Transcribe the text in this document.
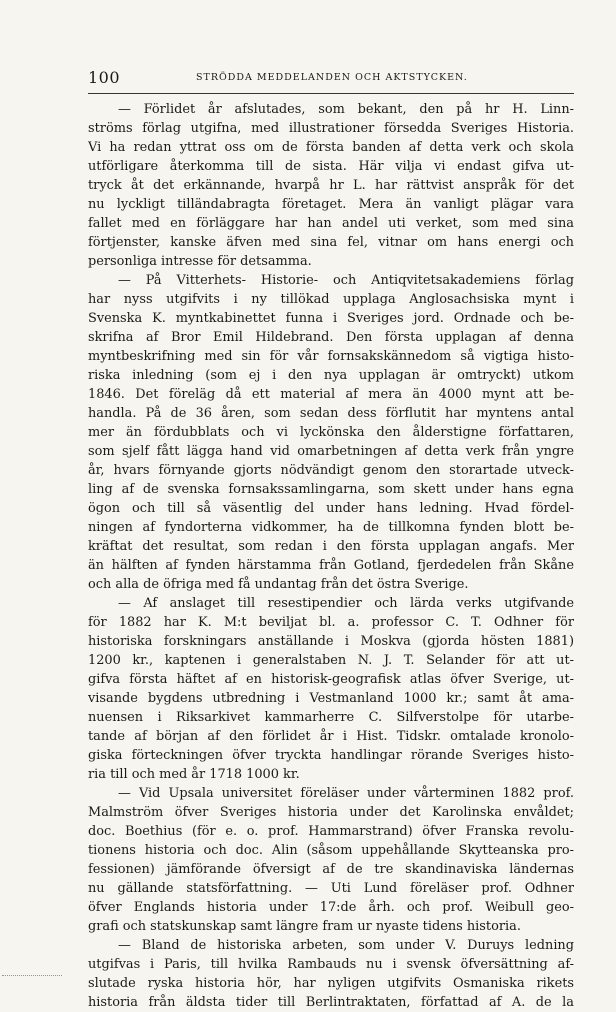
100	STRÖDDA MEDDELANDEN OCH AKTSTYCKEN.
— Förlidet år afslutades, som bekant, den på hr H. Linn-
ströms förlag utgifna, med illustrationer försedda Sveriges Historia.
Vi ha redan yttrat oss om de första banden af detta verk och skola
utförligare återkomma till de sista. Här vilja vi endast gifva ut-
tryck åt det erkännande, hvarpå hr L. har rättvist anspråk för det
nu lyckligt tilländabragta företaget. Mera än vanligt plägar vara
fallet med en förläggare har han andel uti verket, som med sina
förtjenster, kanske äfven med sina fel, vitnar om hans energi och
personliga intresse för detsamma.
— På Vitterhets- Historie- och Antiqvitetsakademiens förlag
har nyss utgifvits i ny tillökad upplaga Anglosachsiska mynt i
Svenska K. myntkabinettet funna i Sveriges jord. Ordnade och be-
skrifna af Bror Emil Hildebrand. Den första upplagan af denna
myntbeskrifning med sin för vår fornsakskännedom så vigtiga histo-
riska inledning (som ej i den nya upplagan är omtryckt) utkom
1846. Det föreläg då ett material af mera än 4000 mynt att be-
handla. På de 36 åren, som sedan dess förflutit har myntens antal
mer än fördubblats och vi lyckönska den ålderstigne författaren,
som sjelf fått lägga hand vid omarbetningen af detta verk från yngre
år, hvars förnyande gjorts nödvändigt genom den storartade utveck-
ling af de svenska fornsakssamlingarna, som skett under hans egna
ögon och till så väsentlig del under hans ledning. Hvad fördel-
ningen af fyndorterna vidkommer, ha de tillkomna fynden blott be-
kräftat det resultat, som redan i den första upplagan angafs. Mer
än hälften af fynden härstamma från Gotland, fjerdedelen från Skåne
och alla de öfriga med få undantag från det östra Sverige.
— Af anslaget till resestipendier och lärda verks utgifvande
för 1882 har K. M:t beviljat bl. a. professor C. T. Odhner för
historiska forskningars anställande i Moskva (gjorda hösten 1881)
1200 kr., kaptenen i generalstaben N. J. T. Selander för att ut-
gifva första häftet af en historisk-geografisk atlas öfver Sverige, ut-
visande bygdens utbredning i Vestmanland 1000 kr.; samt åt ama-
nuensen i Riksarkivet kammarherre C. Silfverstolpe för utarbe-
tande af början af den förlidet år i Hist. Tidskr. omtalade kronolo-
giska förteckningen öfver tryckta handlingar rörande Sveriges histo-
ria till och med år 1718 1000 kr.
— Vid Upsala universitet föreläser under vårterminen 1882 prof.
Malmström öfver Sveriges historia under det Karolinska envåldet;
doc. Boethius (för e. o. prof. Hammarstrand) öfver Franska revolu-
tionens historia och doc. Alin (såsom uppehållande Skytteanska pro-
fessionen) jämförande öfversigt af de tre skandinaviska ländernas
nu gällande statsförfattning. — Uti Lund föreläser prof. Odhner
öfver Englands historia under 17:de årh. och prof. Weibull geo-
grafi och statskunskap samt längre fram ur nyaste tidens historia.
— Bland de historiska arbeten, som under V. Duruys ledning
utgifvas i Paris, till hvilka Rambauds nu i svensk öfversättning af-
slutade ryska historia hör, har nyligen utgifvits Osmaniska rikets
historia från äldsta tider till Berlintraktaten, författad af A. de la
